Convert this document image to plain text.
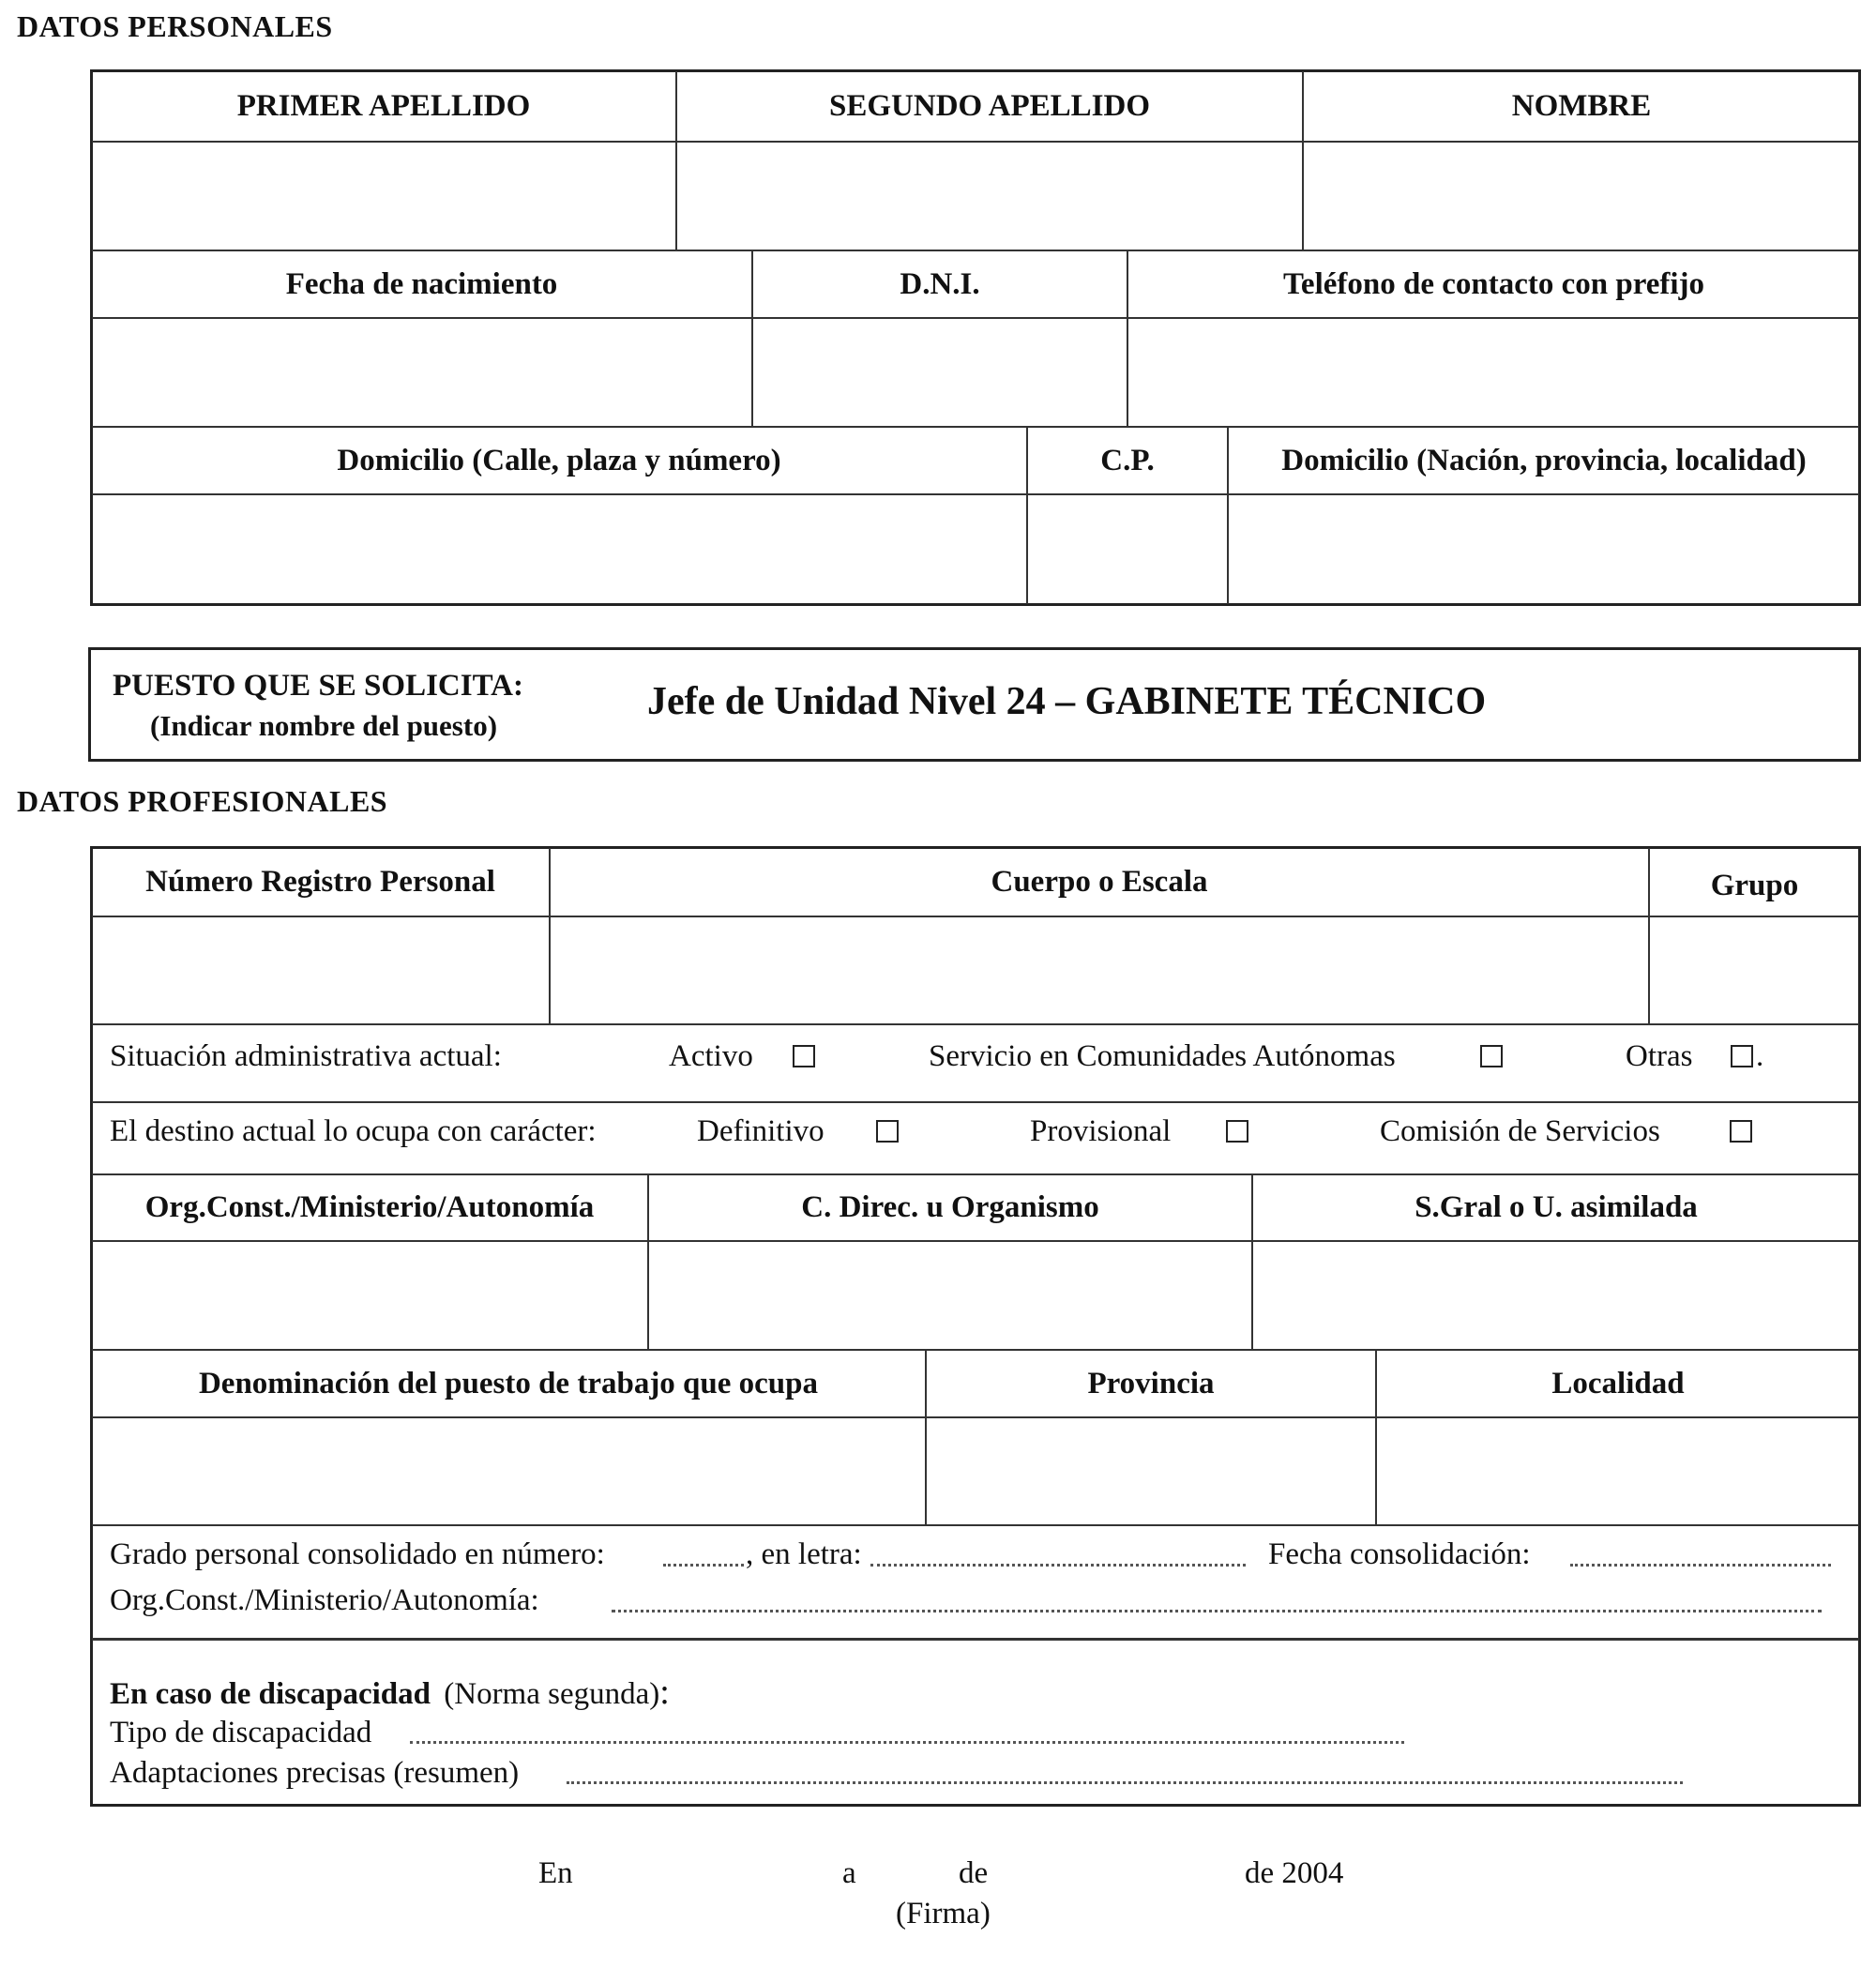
DATOS PERSONALES
PRIMER APELLIDO	SEGUNDO APELLIDO	NOMBRE
Fecha de nacimiento	D.N.I.	Teléfono de contacto con prefijo
Domicilio (Calle, plaza y número)	C.P.	Domicilio (Nación, provincia, localidad)
PUESTO QUE SE SOLICITA:
(Indicar nombre del puesto)
Jefe de Unidad Nivel 24 – GABINETE TÉCNICO
DATOS PROFESIONALES
Número Registro Personal	Cuerpo o Escala	Grupo
Situación administrativa actual:	Activo	Servicio en Comunidades Autónomas	Otras .
El destino actual lo ocupa con carácter:	Definitivo	Provisional	Comisión de Servicios
Org.Const./Ministerio/Autonomía	C. Direc. u Organismo	S.Gral o U. asimilada
Denominación del puesto de trabajo que ocupa	Provincia	Localidad
Grado personal consolidado en número:	, en letra:	Fecha consolidación:
Org.Const./Ministerio/Autonomía:
En caso de discapacidad (Norma segunda):
Tipo de discapacidad
Adaptaciones precisas (resumen)
En	a	de	de 2004
(Firma)
